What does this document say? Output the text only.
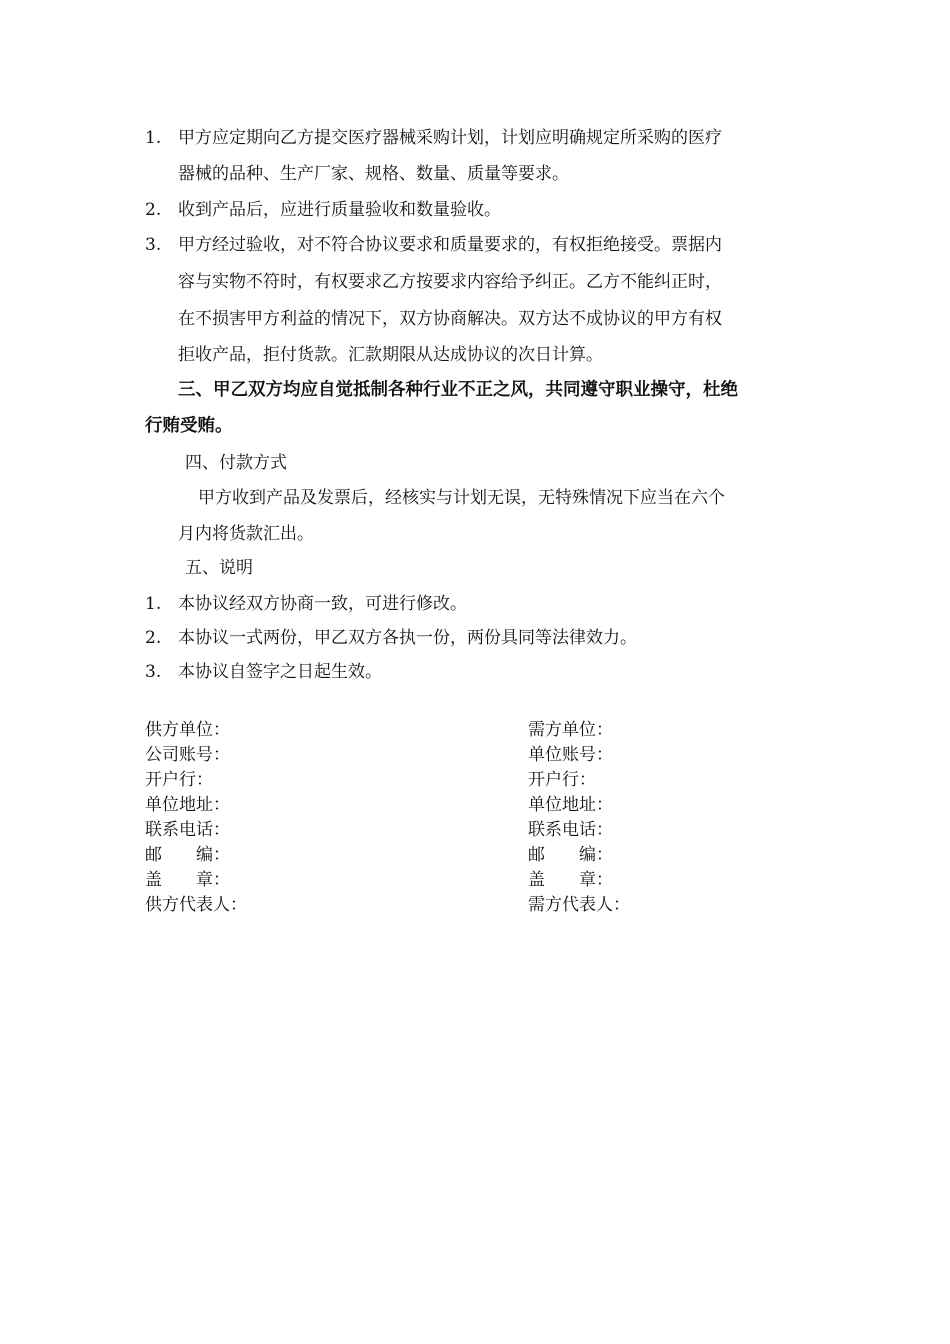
1. 甲方应定期向乙方提交医疗器械采购计划，计划应明确规定所采购的医疗
器械的品种、生产厂家、规格、数量、质量等要求。
2. 收到产品后，应进行质量验收和数量验收。
3. 甲方经过验收，对不符合协议要求和质量要求的，有权拒绝接受。票据内
容与实物不符时，有权要求乙方按要求内容给予纠正。乙方不能纠正时，
在不损害甲方利益的情况下，双方协商解决。双方达不成协议的甲方有权
拒收产品，拒付货款。汇款期限从达成协议的次日计算。
三、甲乙双方均应自觉抵制各种行业不正之风，共同遵守职业操守，杜绝
行贿受贿。
四、付款方式
甲方收到产品及发票后，经核实与计划无误，无特殊情况下应当在六个
月内将货款汇出。
五、说明
1. 本协议经双方协商一致，可进行修改。
2. 本协议一式两份，甲乙双方各执一份，两份具同等法律效力。
3. 本协议自签字之日起生效。
供方单位：
公司账号：
开户行：
单位地址：
联系电话：
邮　　编：
盖　　章：
供方代表人：
需方单位：
单位账号：
开户行：
单位地址：
联系电话：
邮　　编：
盖　　章：
需方代表人：
